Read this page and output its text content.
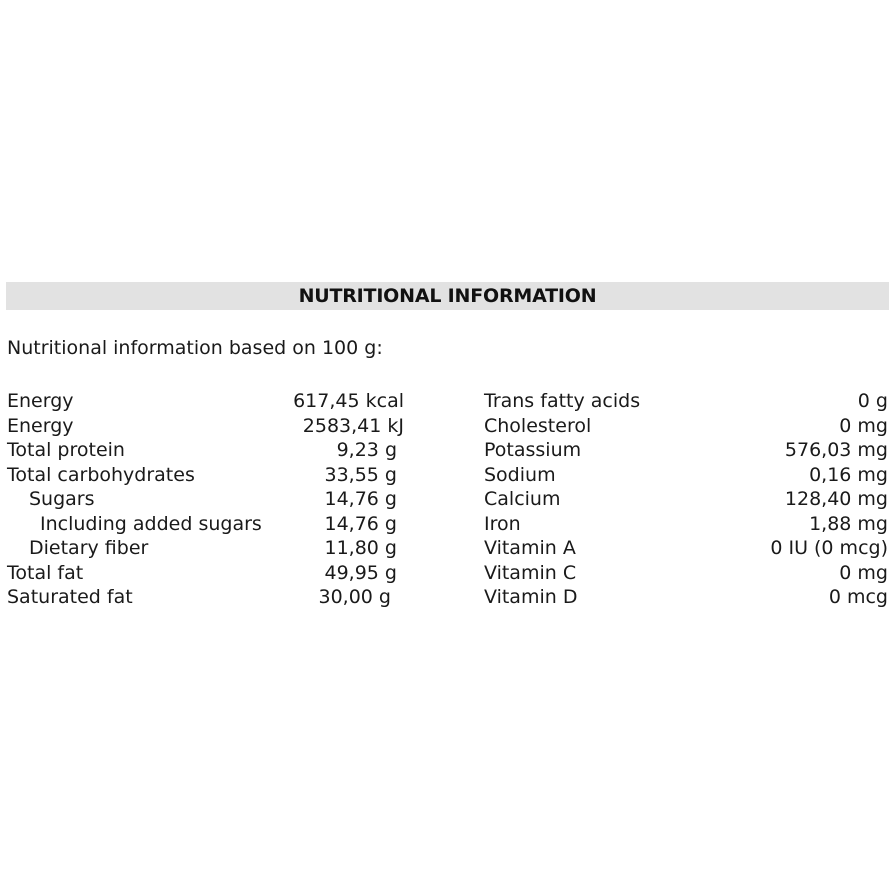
NUTRITIONAL INFORMATION
Nutritional information based on 100 g:
Energy	617,45 kcal
Energy	2583,41 kJ
Total protein	9,23 g
Total carbohydrates	33,55 g
Sugars	14,76 g
Including added sugars	14,76 g
Dietary fiber	11,80 g
Total fat	49,95 g
Saturated fat	30,00 g
Trans fatty acids	0 g
Cholesterol	0 mg
Potassium	576,03 mg
Sodium	0,16 mg
Calcium	128,40 mg
Iron	1,88 mg
Vitamin A	0 IU (0 mcg)
Vitamin C	0 mg
Vitamin D	0 mcg
